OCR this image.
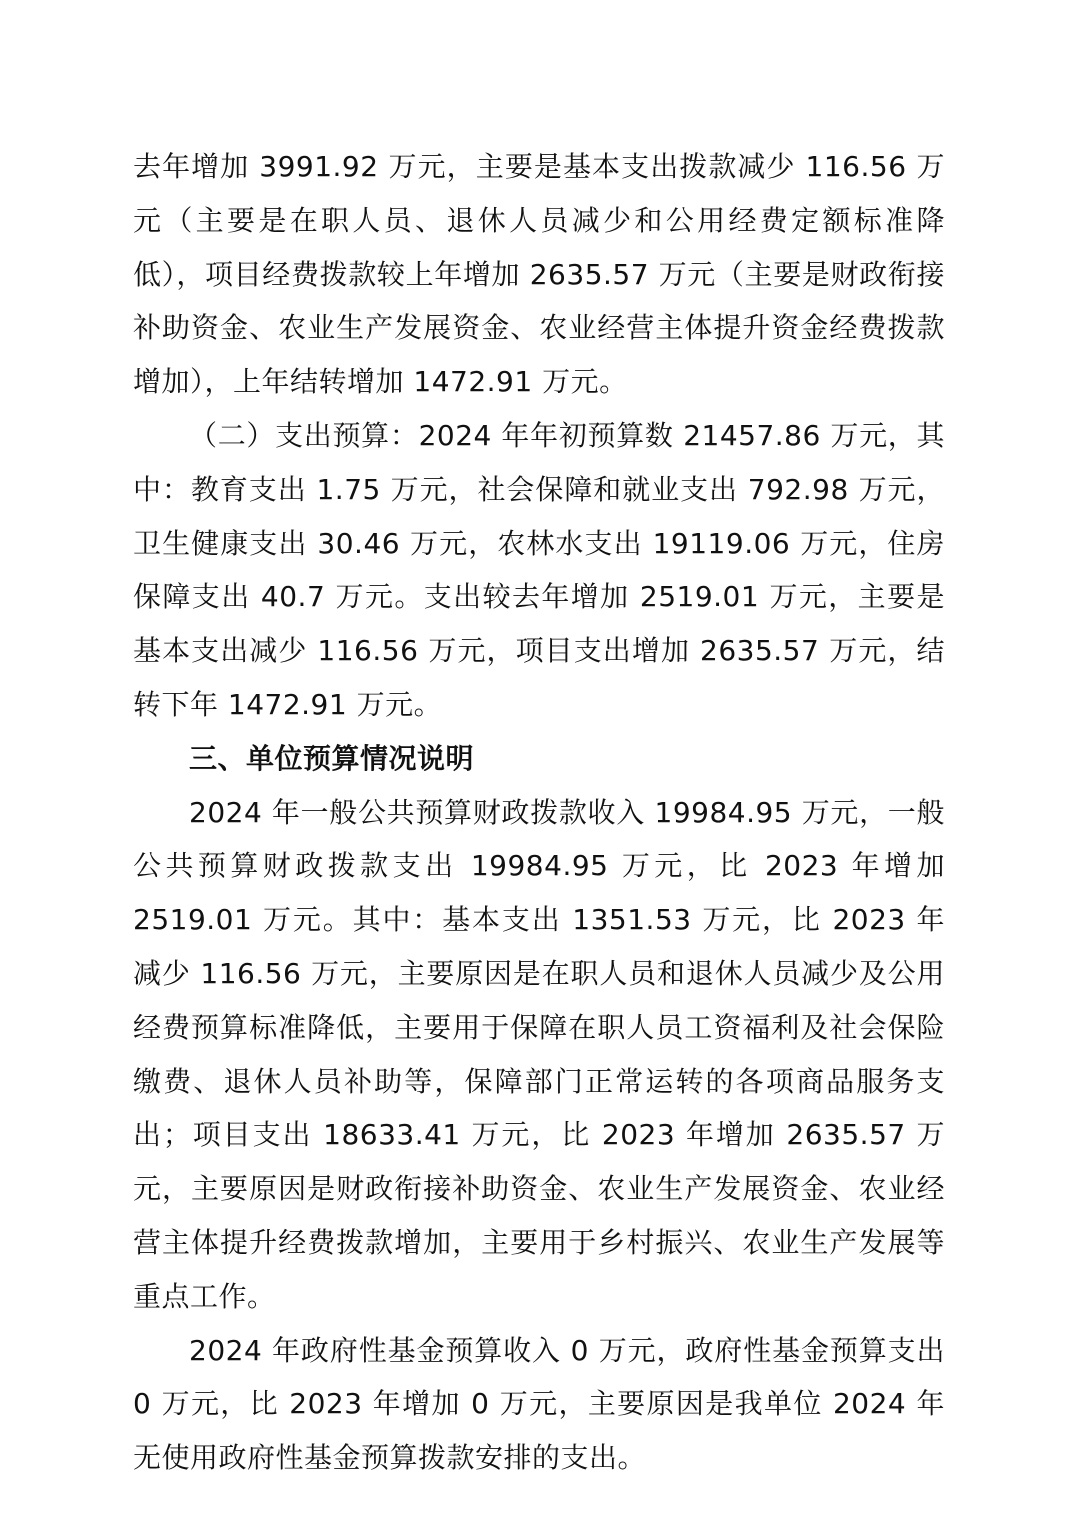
去年增加 3991.92 万元，主要是基本支出拨款减少 116.56 万元（主要是在职人员、退休人员减少和公用经费定额标准降低），项目经费拨款较上年增加 2635.57 万元（主要是财政衔接补助资金、农业生产发展资金、农业经营主体提升资金经费拨款增加），上年结转增加 1472.91 万元。

（二）支出预算：2024 年年初预算数 21457.86 万元，其中：教育支出 1.75 万元，社会保障和就业支出 792.98 万元，卫生健康支出 30.46 万元，农林水支出 19119.06 万元，住房保障支出 40.7 万元。支出较去年增加 2519.01 万元，主要是基本支出减少 116.56 万元，项目支出增加 2635.57 万元，结转下年 1472.91 万元。

三、单位预算情况说明

2024 年一般公共预算财政拨款收入 19984.95 万元，一般公共预算财政拨款支出 19984.95 万元，比 2023 年增加 2519.01 万元。其中：基本支出 1351.53 万元，比 2023 年减少 116.56 万元，主要原因是在职人员和退休人员减少及公用经费预算标准降低，主要用于保障在职人员工资福利及社会保险缴费、退休人员补助等，保障部门正常运转的各项商品服务支出；项目支出 18633.41 万元，比 2023 年增加 2635.57 万元，主要原因是财政衔接补助资金、农业生产发展资金、农业经营主体提升经费拨款增加，主要用于乡村振兴、农业生产发展等重点工作。

2024 年政府性基金预算收入 0 万元，政府性基金预算支出 0 万元，比 2023 年增加 0 万元，主要原因是我单位 2024 年无使用政府性基金预算拨款安排的支出。
